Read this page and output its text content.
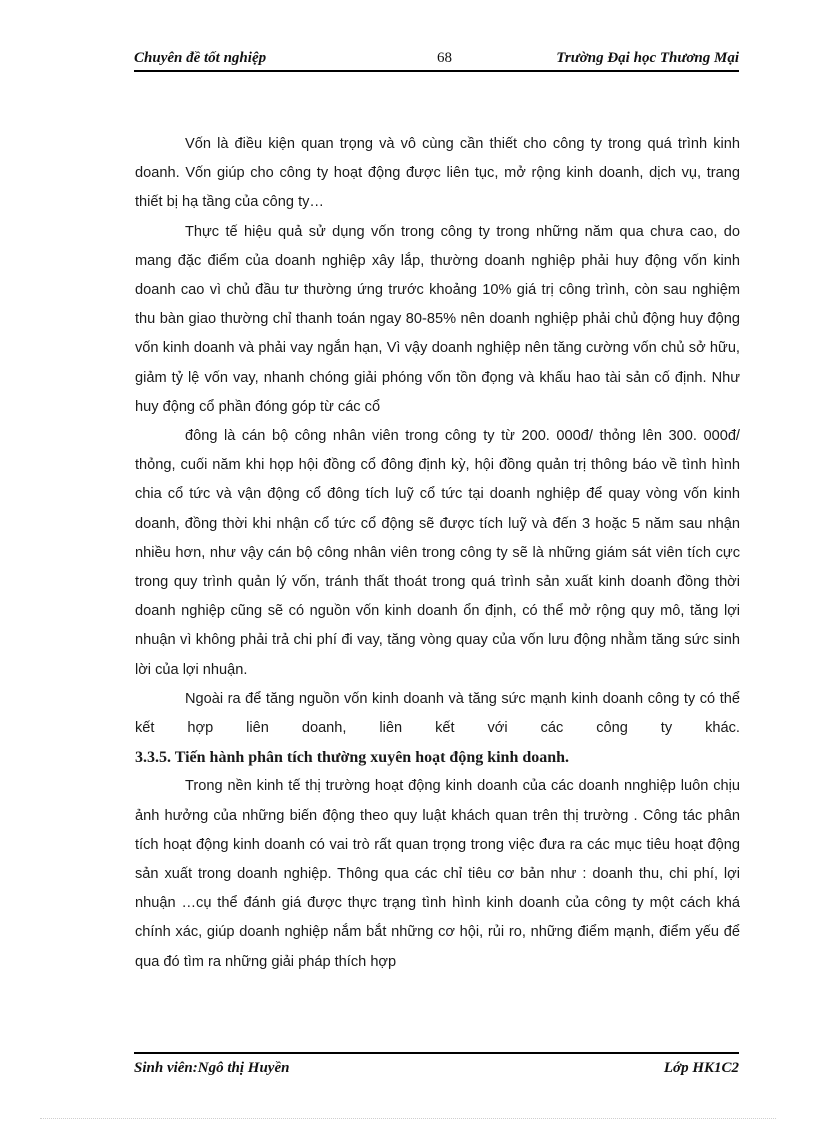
Chuyên đề tốt nghiệp	68	Trường Đại học Thương Mại

Vốn là điều kiện quan trọng và vô cùng cần thiết cho công ty trong quá trình kinh doanh. Vốn giúp cho công ty hoạt động được liên tục, mở rộng kinh doanh, dịch vụ, trang thiết bị hạ tầng của công ty…

Thực tế hiệu quả sử dụng vốn trong công ty trong những năm qua chưa cao, do mang đặc điểm của doanh nghiệp xây lắp, thường doanh nghiệp phải huy động vốn kinh doanh cao vì chủ đầu tư thường ứng trước khoảng 10% giá trị công trình, còn sau nghiệm thu bàn giao thường chỉ thanh toán ngay 80-85% nên doanh nghiệp phải chủ động huy động vốn kinh doanh và phải vay ngắn hạn, Vì vậy doanh nghiệp nên tăng cường vốn chủ sở hữu, giảm tỷ lệ vốn vay, nhanh chóng giải phóng vốn tồn đọng và khấu hao tài sản cố định. Như huy động cổ phần đóng góp từ các cổ

đông là cán bộ công nhân viên trong công ty từ 200. 000đ/ thỏng lên 300. 000đ/ thỏng, cuối năm khi họp hội đồng cổ đông định kỳ, hội đồng quản trị thông báo về tình hình chia cổ tức và vận động cổ đông tích luỹ cổ tức tại doanh nghiệp để quay vòng vốn kinh doanh, đồng thời khi nhận cổ tức cổ động sẽ được tích luỹ và đến 3 hoặc 5 năm sau nhận nhiều hơn, như vậy cán bộ công nhân viên trong công ty sẽ là những giám sát viên tích cực trong quy trình quản lý vốn, tránh thất thoát trong quá trình sản xuất kinh doanh đồng thời doanh nghiệp cũng sẽ có nguồn vốn kinh doanh ổn định, có thể mở rộng quy mô, tăng lợi nhuận vì không phải trả chi phí đi vay, tăng vòng quay của vốn lưu động nhằm tăng sức sinh lời của lợi nhuận.

Ngoài ra để tăng nguồn vốn kinh doanh và tăng sức mạnh kinh doanh công ty có thể kết hợp liên doanh, liên kết với các công ty khác.

3.3.5. Tiến hành phân tích thường xuyên hoạt động kinh doanh.

Trong nền kinh tế thị trường hoạt động kinh doanh của các doanh nnghiệp luôn chịu ảnh hưởng của những biến động theo quy luật khách quan trên thị trường . Công tác phân tích hoạt động kinh doanh có vai trò rất quan trọng trong việc đưa ra các mục tiêu hoạt động sản xuất trong doanh nghiệp. Thông qua các chỉ tiêu cơ bản như : doanh thu, chi phí, lợi nhuận …cụ thể đánh giá được thực trạng tình hình kinh doanh của công ty một cách khá chính xác, giúp doanh nghiệp nắm bắt những cơ hội, rủi ro, những điểm mạnh, điểm yếu để qua đó tìm ra những giải pháp thích hợp

Sinh viên:Ngô thị Huyền	Lớp HK1C2
